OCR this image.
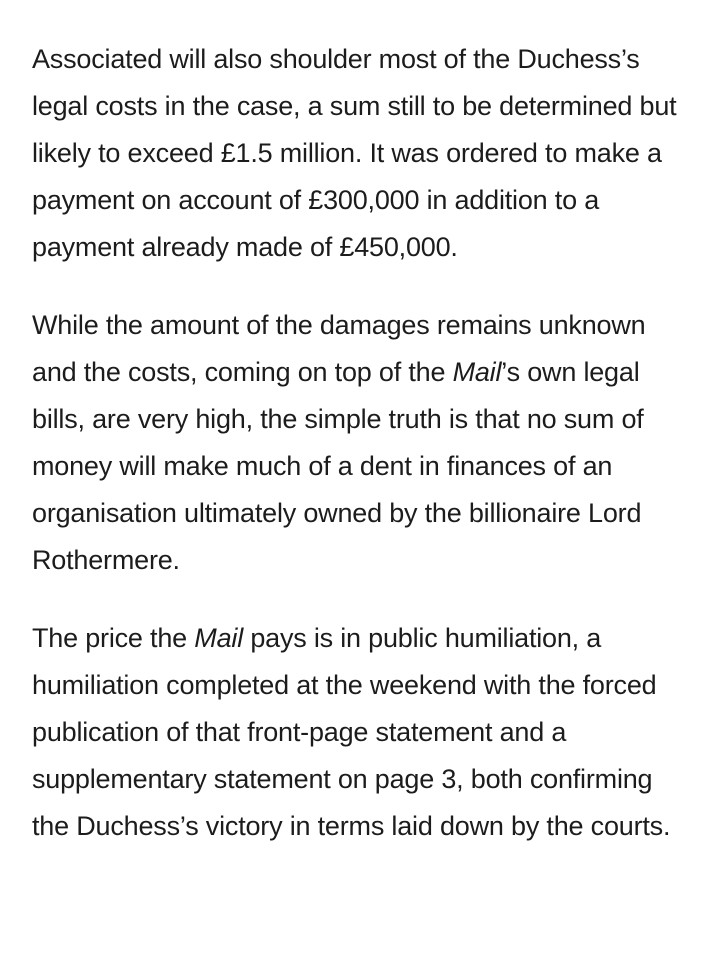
Associated will also shoulder most of the Duchess’s legal costs in the case, a sum still to be determined but likely to exceed £1.5 million. It was ordered to make a payment on account of £300,000 in addition to a payment already made of £450,000.

While the amount of the damages remains unknown and the costs, coming on top of the Mail’s own legal bills, are very high, the simple truth is that no sum of money will make much of a dent in finances of an organisation ultimately owned by the billionaire Lord Rothermere.

The price the Mail pays is in public humiliation, a humiliation completed at the weekend with the forced publication of that front-page statement and a supplementary statement on page 3, both confirming the Duchess’s victory in terms laid down by the courts.
